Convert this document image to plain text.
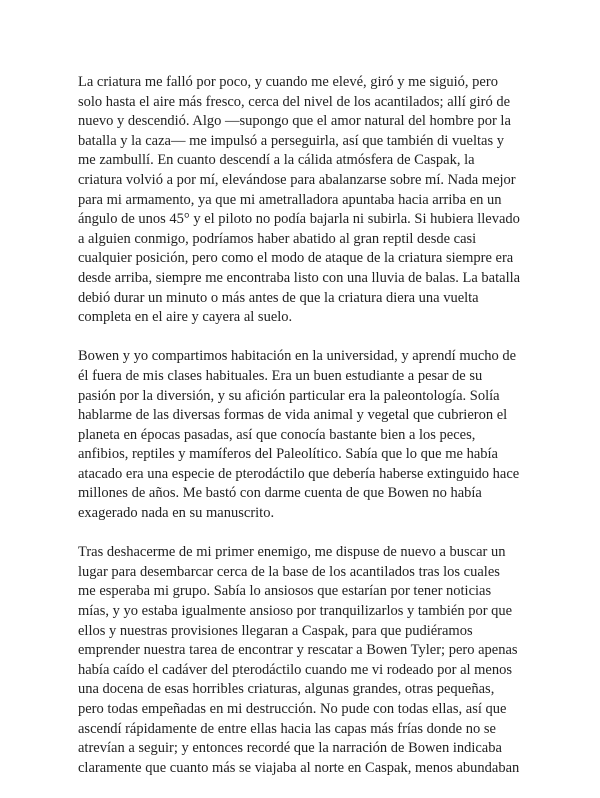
La criatura me falló por poco, y cuando me elevé, giró y me siguió, pero
solo hasta el aire más fresco, cerca del nivel de los acantilados; allí giró de
nuevo y descendió. Algo —supongo que el amor natural del hombre por la
batalla y la caza— me impulsó a perseguirla, así que también di vueltas y
me zambullí. En cuanto descendí a la cálida atmósfera de Caspak, la
criatura volvió a por mí, elevándose para abalanzarse sobre mí. Nada mejor
para mi armamento, ya que mi ametralladora apuntaba hacia arriba en un
ángulo de unos 45° y el piloto no podía bajarla ni subirla. Si hubiera llevado
a alguien conmigo, podríamos haber abatido al gran reptil desde casi
cualquier posición, pero como el modo de ataque de la criatura siempre era
desde arriba, siempre me encontraba listo con una lluvia de balas. La batalla
debió durar un minuto o más antes de que la criatura diera una vuelta
completa en el aire y cayera al suelo.
Bowen y yo compartimos habitación en la universidad, y aprendí mucho de
él fuera de mis clases habituales. Era un buen estudiante a pesar de su
pasión por la diversión, y su afición particular era la paleontología. Solía
hablarme de las diversas formas de vida animal y vegetal que cubrieron el
planeta en épocas pasadas, así que conocía bastante bien a los peces,
anfibios, reptiles y mamíferos del Paleolítico. Sabía que lo que me había
atacado era una especie de pterodáctilo que debería haberse extinguido hace
millones de años. Me bastó con darme cuenta de que Bowen no había
exagerado nada en su manuscrito.
Tras deshacerme de mi primer enemigo, me dispuse de nuevo a buscar un
lugar para desembarcar cerca de la base de los acantilados tras los cuales
me esperaba mi grupo. Sabía lo ansiosos que estarían por tener noticias
mías, y yo estaba igualmente ansioso por tranquilizarlos y también por que
ellos y nuestras provisiones llegaran a Caspak, para que pudiéramos
emprender nuestra tarea de encontrar y rescatar a Bowen Tyler; pero apenas
había caído el cadáver del pterodáctilo cuando me vi rodeado por al menos
una docena de esas horribles criaturas, algunas grandes, otras pequeñas,
pero todas empeñadas en mi destrucción. No pude con todas ellas, así que
ascendí rápidamente de entre ellas hacia las capas más frías donde no se
atrevían a seguir; y entonces recordé que la narración de Bowen indicaba
claramente que cuanto más se viajaba al norte en Caspak, menos abundaban
